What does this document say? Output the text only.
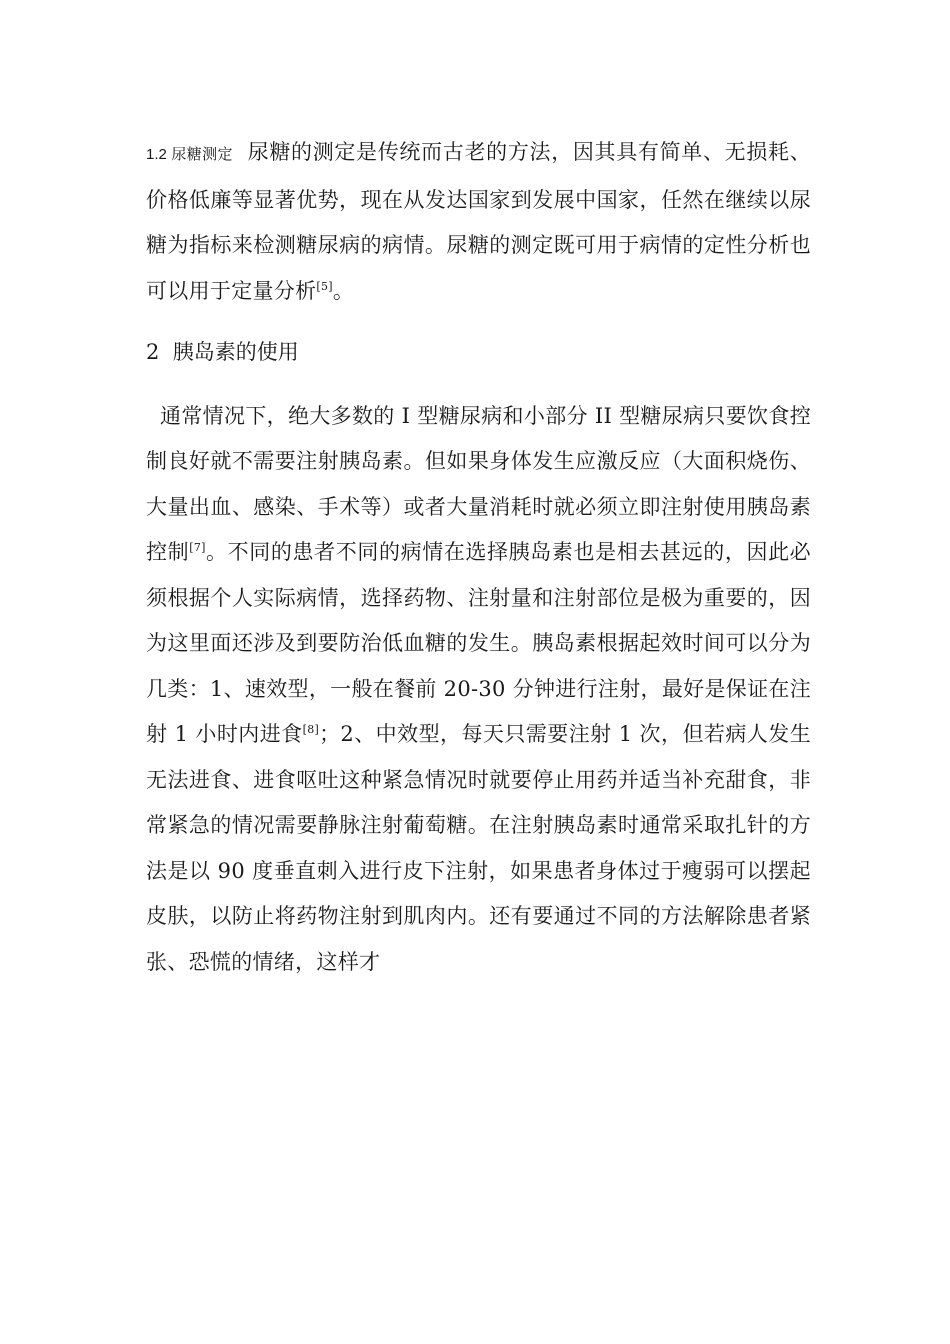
1.2 尿糖测定  尿糖的测定是传统而古老的方法，因其具有简单、无损耗、价格低廉等显著优势，现在从发达国家到发展中国家，任然在继续以尿糖为指标来检测糖尿病的病情。尿糖的测定既可用于病情的定性分析也可以用于定量分析[5]。

2  胰岛素的使用

通常情况下，绝大多数的 I 型糖尿病和小部分 II 型糖尿病只要饮食控制良好就不需要注射胰岛素。但如果身体发生应激反应（大面积烧伤、大量出血、感染、手术等）或者大量消耗时就必须立即注射使用胰岛素控制[7]。不同的患者不同的病情在选择胰岛素也是相去甚远的，因此必须根据个人实际病情，选择药物、注射量和注射部位是极为重要的，因为这里面还涉及到要防治低血糖的发生。胰岛素根据起效时间可以分为几类：1、速效型，一般在餐前 20-30 分钟进行注射，最好是保证在注射 1 小时内进食[8]；2、中效型，每天只需要注射 1 次，但若病人发生无法进食、进食呕吐这种紧急情况时就要停止用药并适当补充甜食，非常紧急的情况需要静脉注射葡萄糖。在注射胰岛素时通常采取扎针的方法是以 90 度垂直刺入进行皮下注射，如果患者身体过于瘦弱可以摆起皮肤，以防止将药物注射到肌肉内。还有要通过不同的方法解除患者紧张、恐慌的情绪，这样才
